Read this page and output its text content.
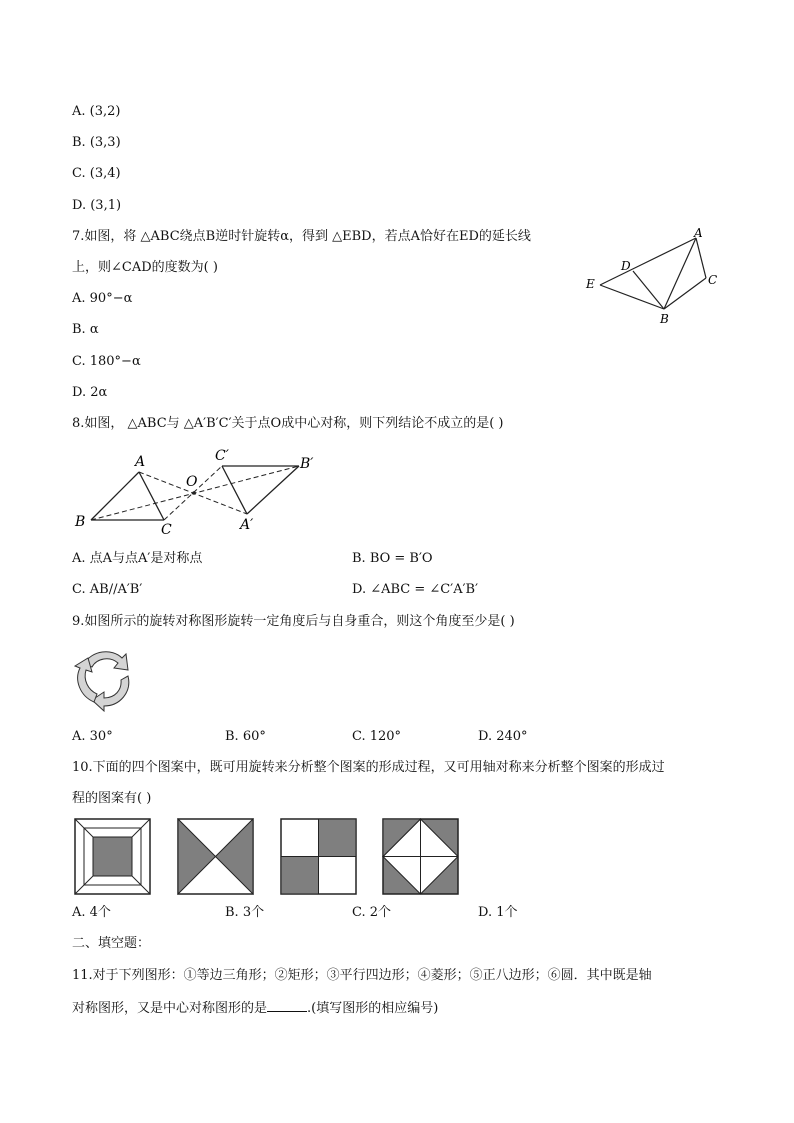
A. (3,2)
B. (3,3)
C. (3,4)
D. (3,1)
7.如图，将 △ABC绕点B逆时针旋转α，得到 △EBD，若点A恰好在ED的延长线
上，则∠CAD的度数为( )
A. 90°−α
B. α
C. 180°−α
D. 2α
A
B
C
D
E
8.如图， △ABC与 △A′B′C′关于点O成中心对称，则下列结论不成立的是( )
A
B	C
O
A′
B′
C′
A. 点A与点A′是对称点	B. BO = B′O
C. AB//A′B′	D. ∠ABC = ∠C′A′B′
9.如图所示的旋转对称图形旋转一定角度后与自身重合，则这个角度至少是( )
A. 30°	B. 60°	C. 120°	D. 240°
10.下面的四个图案中，既可用旋转来分析整个图案的形成过程，又可用轴对称来分析整个图案的形成过
程的图案有( )
A. 4个	B. 3个	C. 2个	D. 1个
二、填空题：
11.对于下列图形：①等边三角形；②矩形；③平行四边形；④菱形；⑤正八边形；⑥圆．其中既是轴
对称图形，又是中心对称图形的是	.(填写图形的相应编号)
